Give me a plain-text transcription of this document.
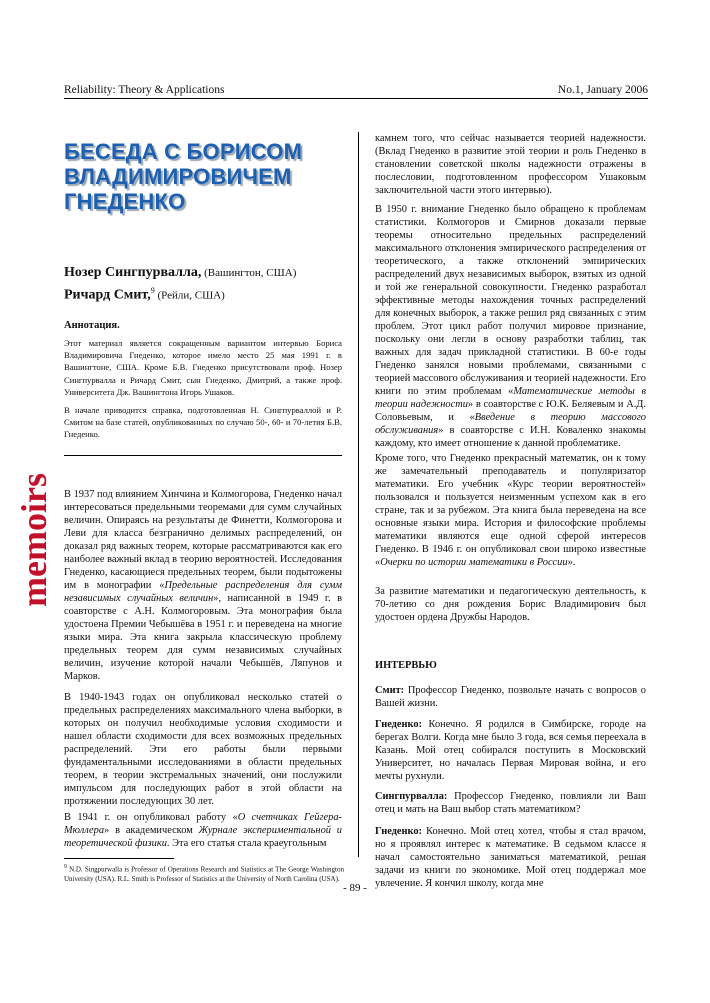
Reliability: Theory & Applications	No.1, January 2006
БЕСЕДА С БОРИСОМ
ВЛАДИМИРОВИЧЕМ
ГНЕДЕНКО
Нозер Сингпурвалла, (Вашингтон, США)
Ричард Смит,$^9$ (Рейли, США)
Аннотация.

Этот материал является сокращенным вариантом интервью Бориса Владимировича Гнеденко, которое имело место 25 мая 1991 г. в Вашингтоне, США. Кроме Б.В. Гнеденко присутствовали проф. Нозер Сингпурвалла и Ричард Смит, сын Гнеденко, Дмитрий, а также проф. Университета Дж. Вашингтона Игорь Ушаков.

В начале приводится справка, подготовленная Н. Сингпурваллой и Р. Смитом на базе статей, опубликованных по случаю 50-, 60- и 70-летия Б.В. Гнеденко.

memoirs В 1937 под влиянием Хинчина и Колмогорова, Гнеденко начал интересоваться предельными теоремами для сумм случайных величин. Опираясь на результаты де Финетти, Колмогорова и Леви для класса безгранично делимых распределений, он доказал ряд важных теорем, которые рассматриваются как его наиболее важный вклад в теорию вероятностей. Исследования Гнеденко, касающиеся предельных теорем, были подытожены им в монографии «Предельные распределения для сумм независимых случайных величин», написанной в 1949 г. в соавторстве с А.Н. Колмогоровым. Эта монография была удостоена Премии Чебышёва в 1951 г. и переведена на многие языки мира. Эта книга закрыла классическую проблему предельных теорем для сумм независимых случайных величин, изучение которой начали Чебышёв, Ляпунов и Марков.

В 1940-1943 годах он опубликовал несколько статей о предельных распределениях максимального члена выборки, в которых он получил необходимые условия сходимости и нашел области сходимости для всех возможных предельных распределений. Эти его работы были первыми фундаментальными исследованиями в области предельных теорем, в теории экстремальных значений, они послужили импульсом для последующих работ в этой области на протяжении последующих 30 лет.

В 1941 г. он опубликовал работу «О счетчиках Гейгера-Мюллера» в академическом Журнале экспериментальной и теоретической физики. Эта его статья стала краеугольным

$^9$ N.D. Singpurwalla is Professor of Operations Research and Statistics at The George Washington University (USA). R.L. Smith is Professor of Statistics at the University of North Carolina (USA).

камнем того, что сейчас называется теорией надежности. (Вклад Гнеденко в развитие этой теории и роль Гнеденко в становлении советской школы надежности отражены в послесловии, подготовленном профессором Ушаковым заключительной части этого интервью).

В 1950 г. внимание Гнеденко было обращено к проблемам статистики. Колмогоров и Смирнов доказали первые теоремы относительно предельных распределений максимального отклонения эмпирического распределения от теоретического, а также отклонений эмпирических распределений двух независимых выборок, взятых из одной и той же генеральной совокупности. Гнеденко разработал эффективные методы нахождения точных распределений для конечных выборок, а также решил ряд связанных с этим проблем. Этот цикл работ получил мировое признание, поскольку они легли в основу разработки таблиц, так важных для задач прикладной статистики. В 60-е годы Гнеденко занялся новыми проблемами, связанными с теорией массового обслуживания и теорией надежности. Его книги по этим проблемам «Математические методы в теории надежности» в соавторстве с Ю.К. Беляевым и А.Д. Соловьевым, и «Введение в теорию массового обслуживания» в соавторстве с И.Н. Коваленко знакомы каждому, кто имеет отношение к данной проблематике.

Кроме того, что Гнеденко прекрасный математик, он к тому же замечательный преподаватель и популяризатор математики. Его учебник «Курс теории вероятностей» пользовался и пользуется неизменным успехом как в его стране, так и за рубежом. Эта книга была переведена на все основные языки мира. История и философские проблемы математики являются еще одной сферой интересов Гнеденко. В 1946 г. он опубликовал свои широко известные «Очерки по истории математики в России».

За развитие математики и педагогическую деятельность, к 70-летию со дня рождения Борис Владимирович был удостоен ордена Дружбы Народов.

ИНТЕРВЬЮ

Смит: Профессор Гнеденко, позвольте начать с вопросов о Вашей жизни.

Гнеденко: Конечно. Я родился в Симбирске, городе на берегах Волги. Когда мне было 3 года, вся семья переехала в Казань. Мой отец собирался поступить в Московский Университет, но началась Первая Мировая война, и его мечты рухнули.

Сингпурвалла: Профессор Гнеденко, повлияли ли Ваш отец и мать на Ваш выбор стать математиком?

Гнеденко: Конечно. Мой отец хотел, чтобы я стал врачом, но я проявлял интерес к математике. В седьмом классе я начал самостоятельно заниматься математикой, решая задачи из книги по экономике. Мой отец поддержал мое увлечение. Я кончил школу, когда мне

- 89 -
